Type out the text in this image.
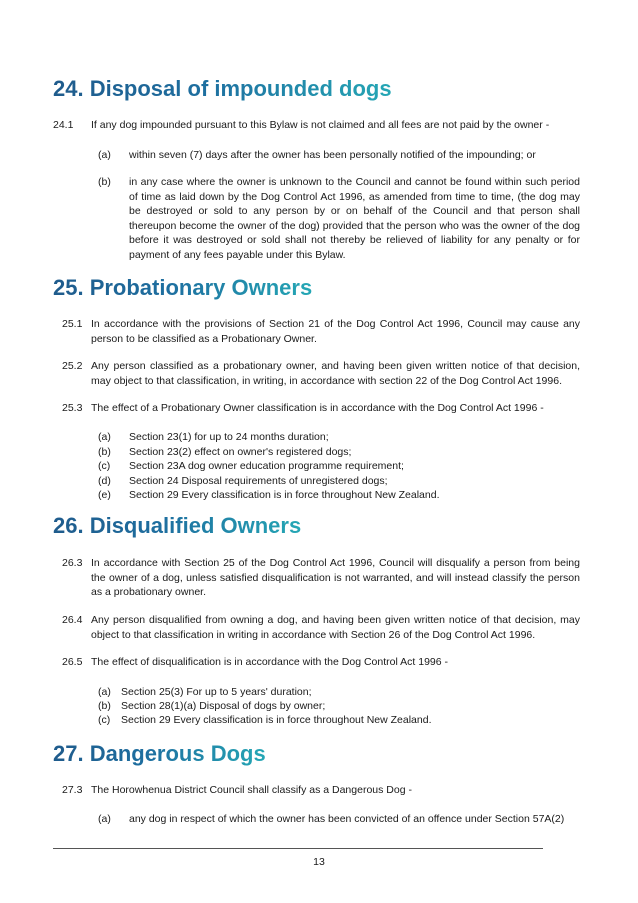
24. Disposal of impounded dogs
24.1 If any dog impounded pursuant to this Bylaw is not claimed and all fees are not paid by the owner -
(a) within seven (7) days after the owner has been personally notified of the impounding; or
(b) in any case where the owner is unknown to the Council and cannot be found within such period of time as laid down by the Dog Control Act 1996, as amended from time to time, (the dog may be destroyed or sold to any person by or on behalf of the Council and that person shall thereupon become the owner of the dog) provided that the person who was the owner of the dog before it was destroyed or sold shall not thereby be relieved of liability for any penalty or for payment of any fees payable under this Bylaw.
25. Probationary Owners
25.1 In accordance with the provisions of Section 21 of the Dog Control Act 1996, Council may cause any person to be classified as a Probationary Owner.
25.2 Any person classified as a probationary owner, and having been given written notice of that decision, may object to that classification, in writing, in accordance with section 22 of the Dog Control Act 1996.
25.3 The effect of a Probationary Owner classification is in accordance with the Dog Control Act 1996 -
(a) Section 23(1) for up to 24 months duration;
(b) Section 23(2) effect on owner's registered dogs;
(c) Section 23A dog owner education programme requirement;
(d) Section 24 Disposal requirements of unregistered dogs;
(e) Section 29 Every classification is in force throughout New Zealand.
26. Disqualified Owners
26.3 In accordance with Section 25 of the Dog Control Act 1996, Council will disqualify a person from being the owner of a dog, unless satisfied disqualification is not warranted, and will instead classify the person as a probationary owner.
26.4 Any person disqualified from owning a dog, and having been given written notice of that decision, may object to that classification in writing in accordance with Section 26 of the Dog Control Act 1996.
26.5 The effect of disqualification is in accordance with the Dog Control Act 1996 -
(a) Section 25(3) For up to 5 years' duration;
(b) Section 28(1)(a) Disposal of dogs by owner;
(c) Section 29 Every classification is in force throughout New Zealand.
27. Dangerous Dogs
27.3 The Horowhenua District Council shall classify as a Dangerous Dog -
(a) any dog in respect of which the owner has been convicted of an offence under Section 57A(2)
13
